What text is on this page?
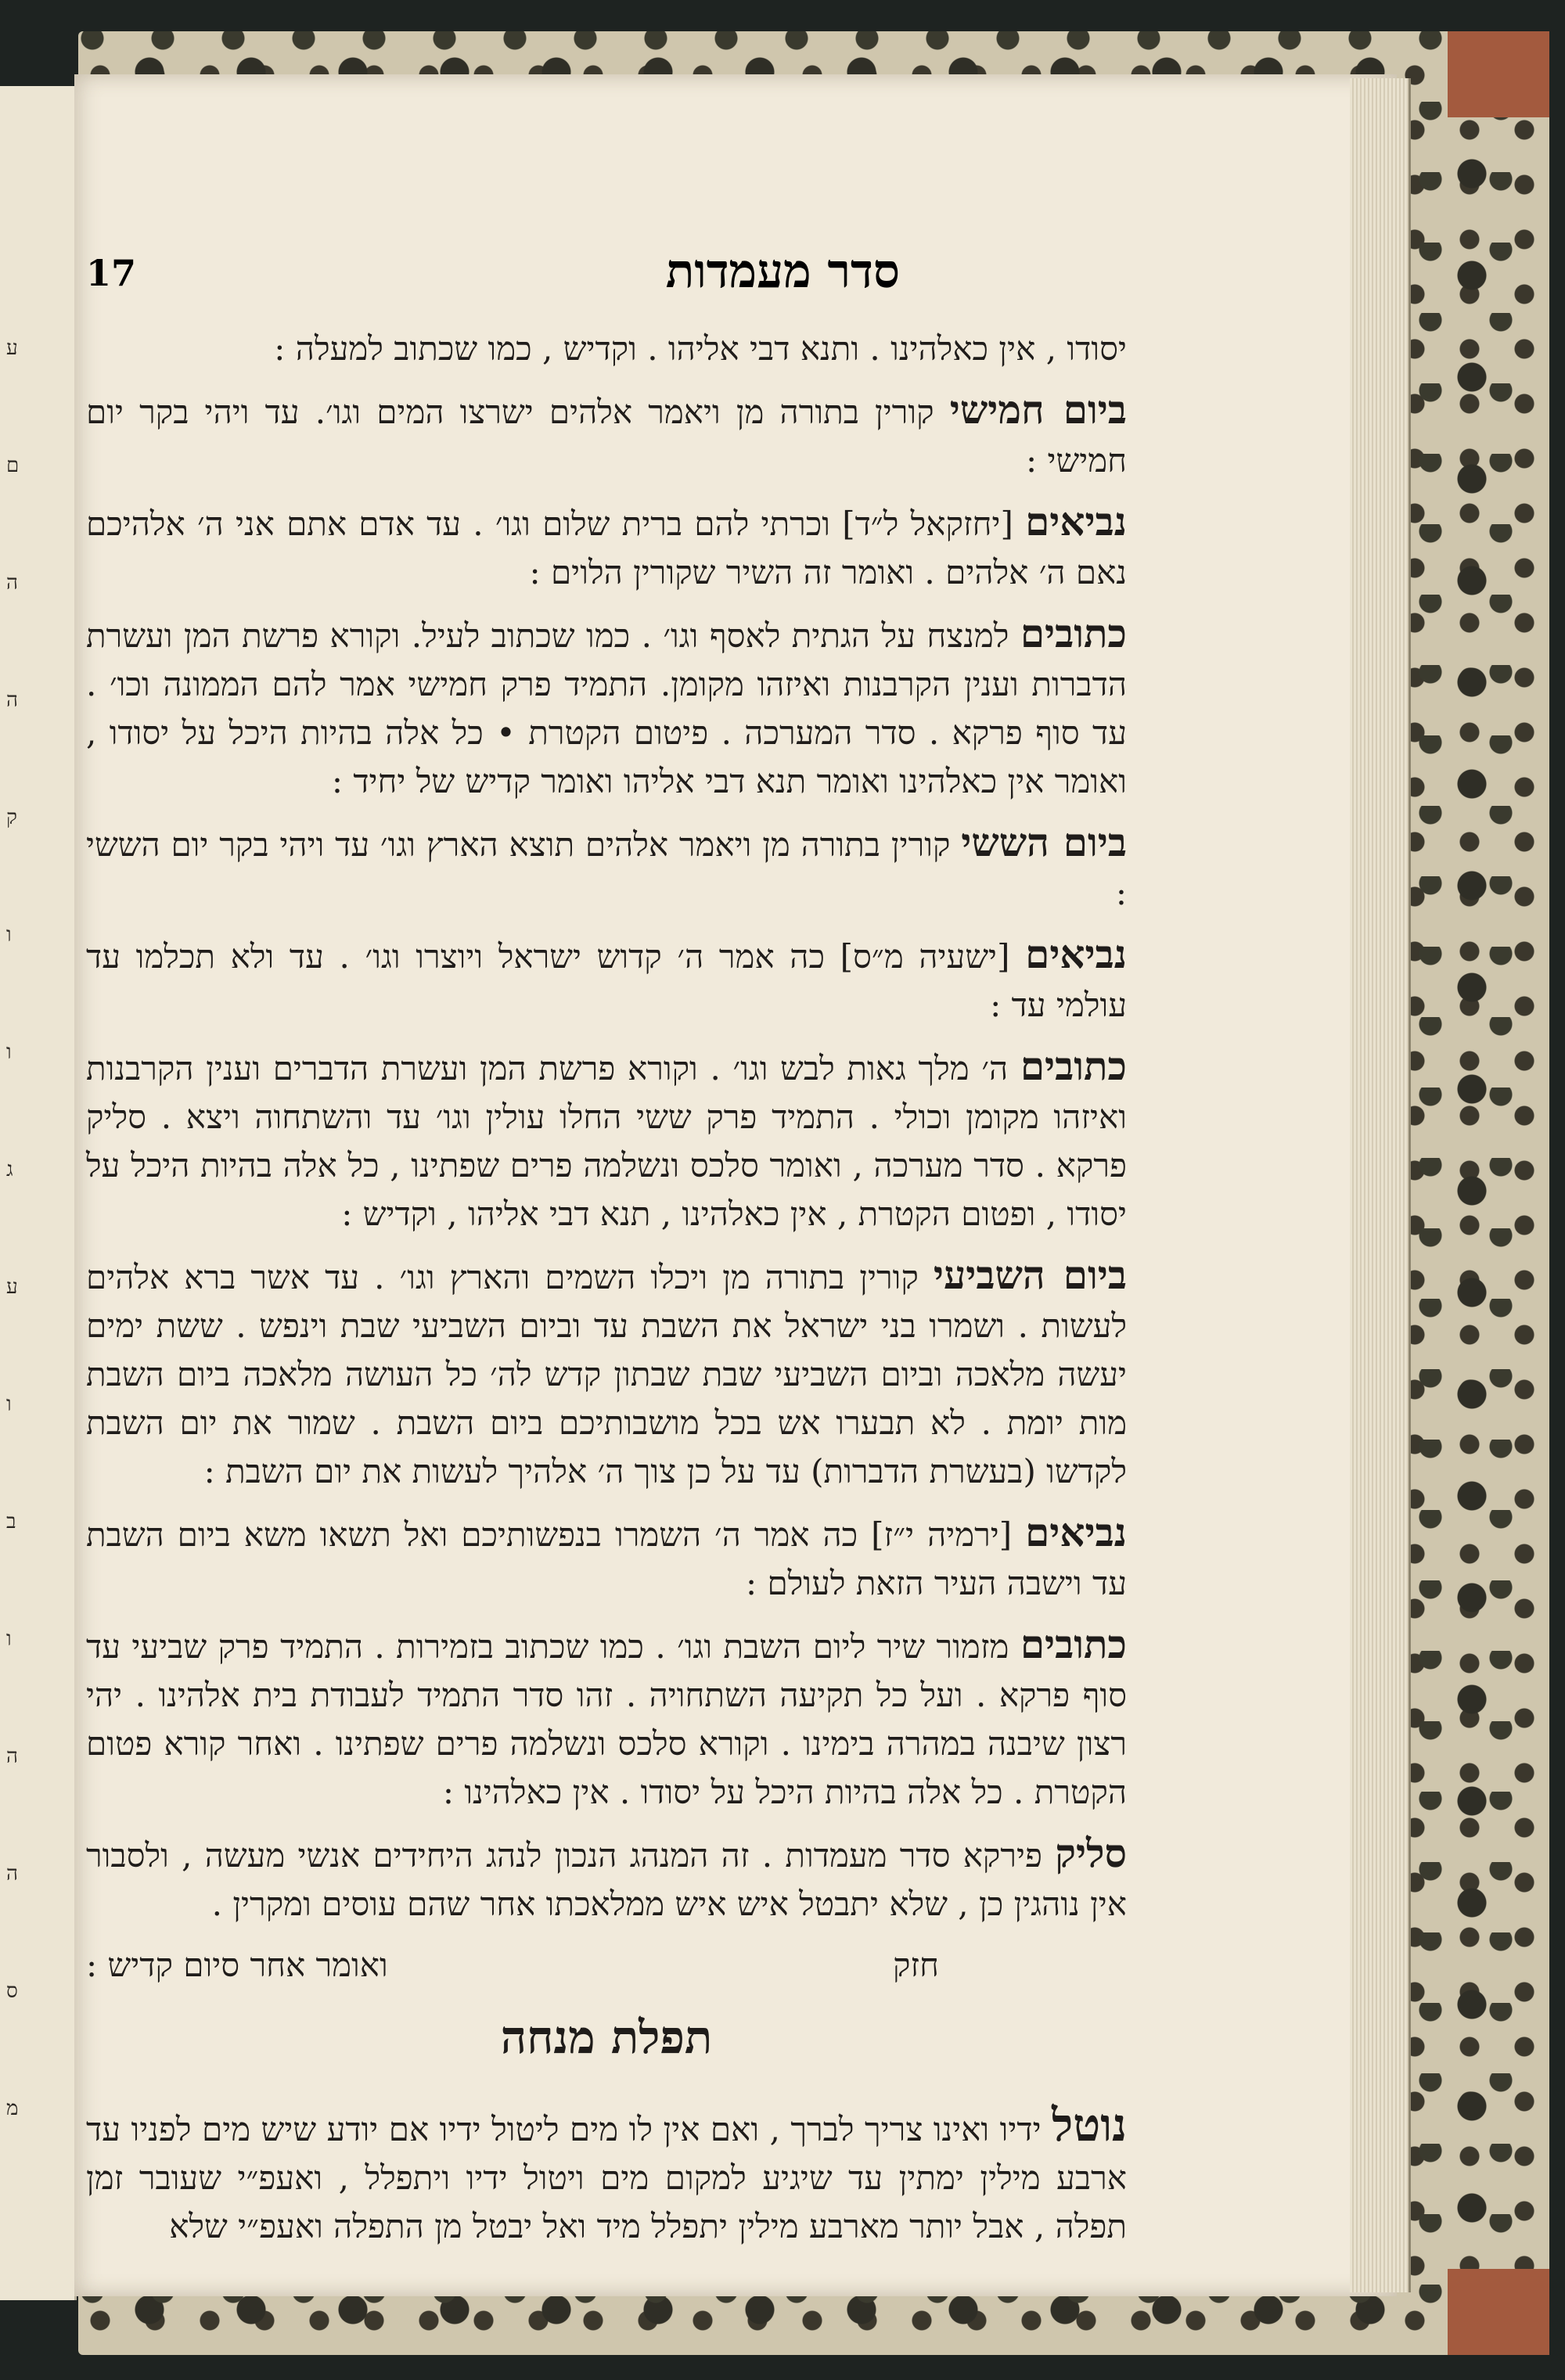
ע
ם
ה
ה
ק
ו
ו
ג
ע
ו
ב
ו
ה
ה
ס
מ
סדר מעמדות
17

יסודו , אין כאלהינו . ותנא דבי אליהו . וקדיש , כמו שכתוב למעלה :

ביום חמישי קורין בתורה מן ויאמר אלהים ישרצו המים וגו׳. עד ויהי בקר יום חמישי :

נביאים [יחזקאל ל״ד] וכרתי להם ברית שלום וגו׳ . עד אדם אתם אני ה׳ אלהיכם נאם ה׳ אלהים . ואומר זה השיר שקורין הלוים :

כתובים למנצח על הגתית לאסף וגו׳ . כמו שכתוב לעיל. וקורא פרשת המן ועשרת הדברות וענין הקרבנות ואיזהו מקומן. התמיד פרק חמישי אמר להם הממונה וכו׳ . עד סוף פרקא . סדר המערכה . פיטום הקטרת • כל אלה בהיות היכל על יסודו , ואומר אין כאלהינו ואומר תנא דבי אליהו ואומר קדיש של יחיד :

ביום הששי קורין בתורה מן ויאמר אלהים תוצא הארץ וגו׳ עד ויהי בקר יום הששי :

נביאים [ישעיה מ״ס] כה אמר ה׳ קדוש ישראל ויוצרו וגו׳ . עד ולא תכלמו עד עולמי עד :

כתובים ה׳ מלך גאות לבש וגו׳ . וקורא פרשת המן ועשרת הדברים וענין הקרבנות ואיזהו מקומן וכולי . התמיד פרק ששי החלו עולין וגו׳ עד והשתחוה ויצא . סליק פרקא . סדר מערכה , ואומר סלכס ונשלמה פרים שפתינו , כל אלה בהיות היכל על יסודו , ופטום הקטרת , אין כאלהינו , תנא דבי אליהו , וקדיש :

ביום השביעי קורין בתורה מן ויכלו השמים והארץ וגו׳ . עד אשר ברא אלהים לעשות . ושמרו בני ישראל את השבת עד וביום השביעי שבת וינפש . ששת ימים יעשה מלאכה וביום השביעי שבת שבתון קדש לה׳ כל העושה מלאכה ביום השבת מות יומת . לא תבערו אש בכל מושבותיכם ביום השבת . שמור את יום השבת לקדשו (בעשרת הדברות) עד על כן צוך ה׳ אלהיך לעשות את יום השבת :

נביאים [ירמיה י״ז] כה אמר ה׳ השמרו בנפשותיכם ואל תשאו משא ביום השבת עד וישבה העיר הזאת לעולם :

כתובים מזמור שיר ליום השבת וגו׳ . כמו שכתוב בזמירות . התמיד פרק שביעי עד סוף פרקא . ועל כל תקיעה השתחויה . זהו סדר התמיד לעבודת בית אלהינו . יהי רצון שיבנה במהרה בימינו . וקורא סלכס ונשלמה פרים שפתינו . ואחר קורא פטום הקטרת . כל אלה בהיות היכל על יסודו . אין כאלהינו :

סליק פירקא סדר מעמדות . זה המנהג הנכון לנהג היחידים אנשי מעשה , ולסבור אין נוהגין כן , שלא יתבטל איש איש ממלאכתו אחר שהם עוסים ומקרין .

חזק
ואומר אחר סיום קדיש :
תפלת מנחה

נוטל ידיו ואינו צריך לברך , ואם אין לו מים ליטול ידיו אם יודע שיש מים לפניו עד ארבע מילין ימתין עד שיגיע למקום מים ויטול ידיו ויתפלל , ואעפ״י שעובר זמן תפלה , אבל יותר מארבע מילין יתפלל מיד ואל יבטל מן התפלה ואעפ״י שלא
